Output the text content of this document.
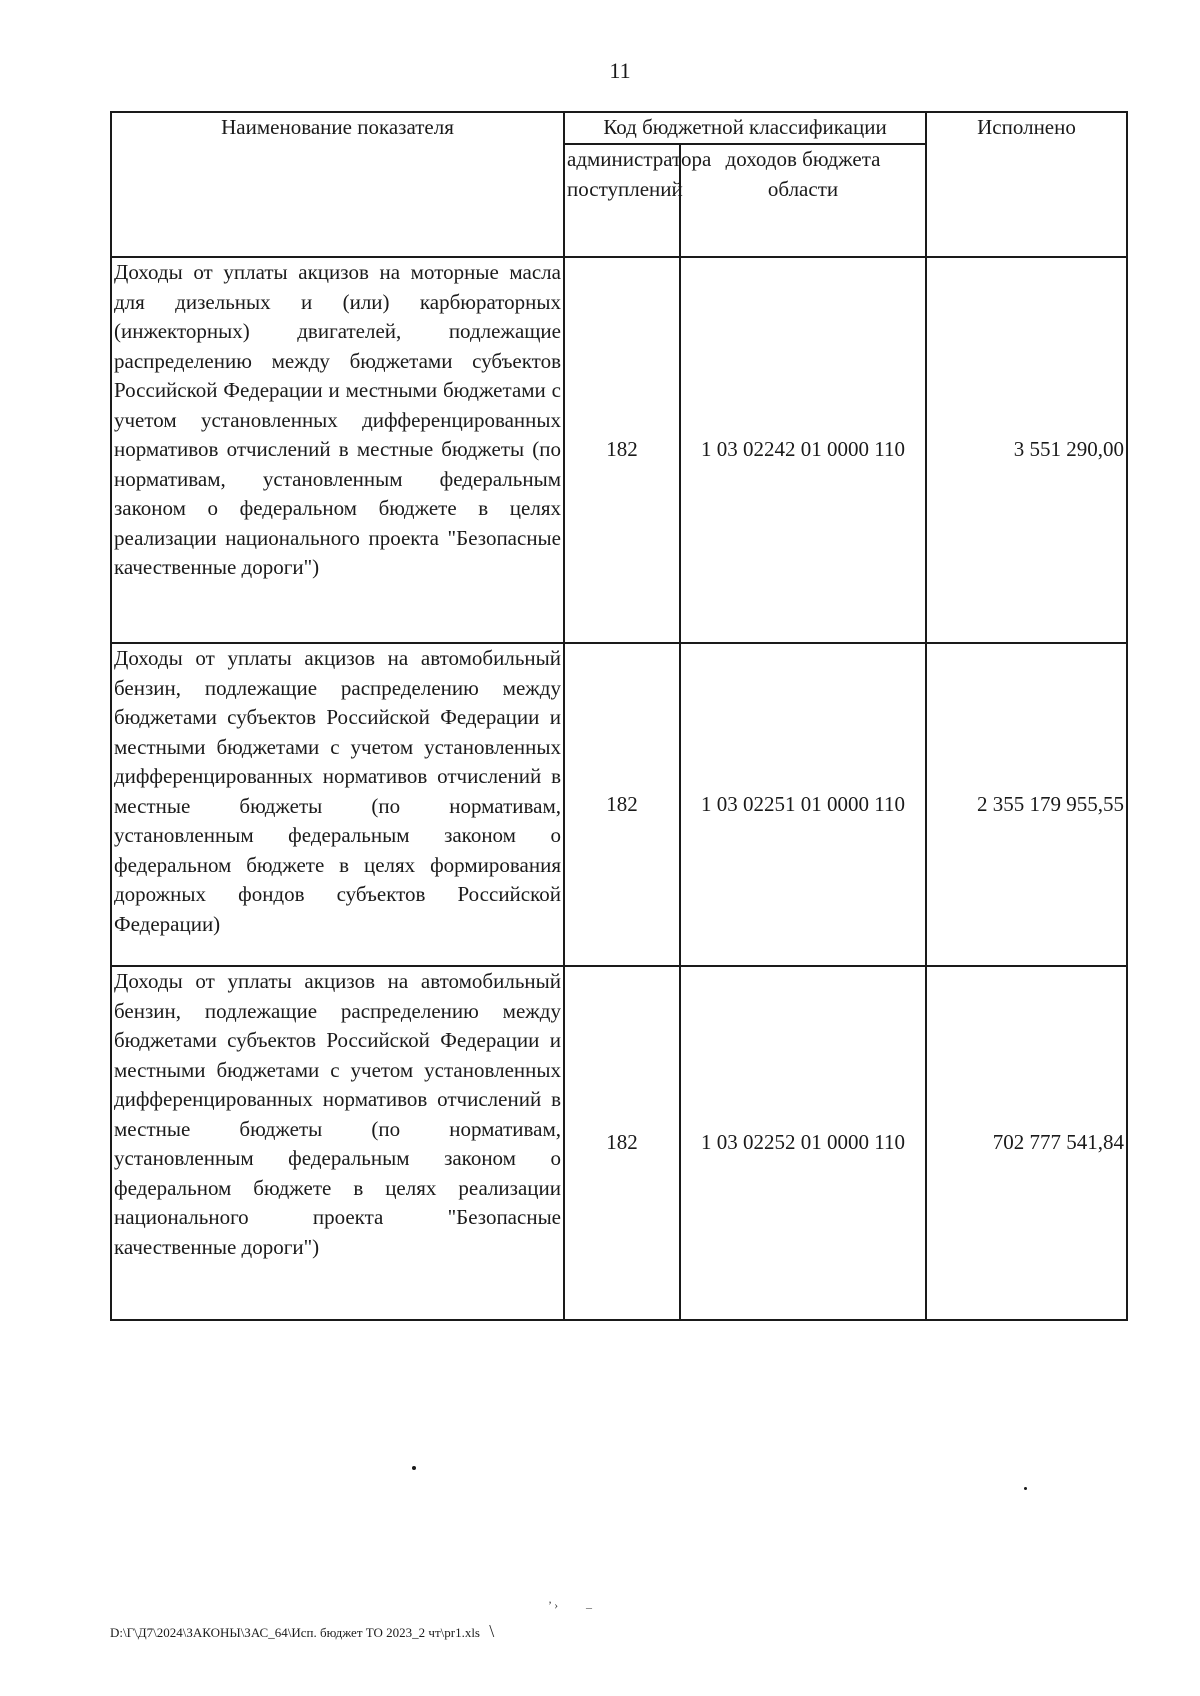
11
Наименование показателя	Код бюджетной классификации		Исполнено
	администратора поступлений	доходов бюджета области	
Доходы от уплаты акцизов на моторные масла для дизельных и (или) карбюраторных (инжекторных) двигателей, подлежащие распределению между бюджетами субъектов Российской Федерации и местными бюджетами с учетом установленных дифференцированных нормативов отчислений в местные бюджеты (по нормативам, установленным федеральным законом о федеральном бюджете в целях реализации национального проекта "Безопасные качественные дороги")	182	1 03 02242 01 0000 110	3 551 290,00
Доходы от уплаты акцизов на автомобильный бензин, подлежащие распределению между бюджетами субъектов Российской Федерации и местными бюджетами с учетом установленных дифференцированных нормативов отчислений в местные бюджеты (по нормативам, установленным федеральным законом о федеральном бюджете в целях формирования дорожных фондов субъектов Российской Федерации)	182	1 03 02251 01 0000 110	2 355 179 955,55
Доходы от уплаты акцизов на автомобильный бензин, подлежащие распределению между бюджетами субъектов Российской Федерации и местными бюджетами с учетом установленных дифференцированных нормативов отчислений в местные бюджеты (по нормативам, установленным федеральным законом о федеральном бюджете в целях реализации национального проекта "Безопасные качественные дороги")	182	1 03 02252 01 0000 110	702 777 541,84
’ › –
D:\Г\Д7\2024\ЗАКОНЫ\ЗАС_64\Исп. бюджет ТО 2023_2 чт\pr1.xls \
